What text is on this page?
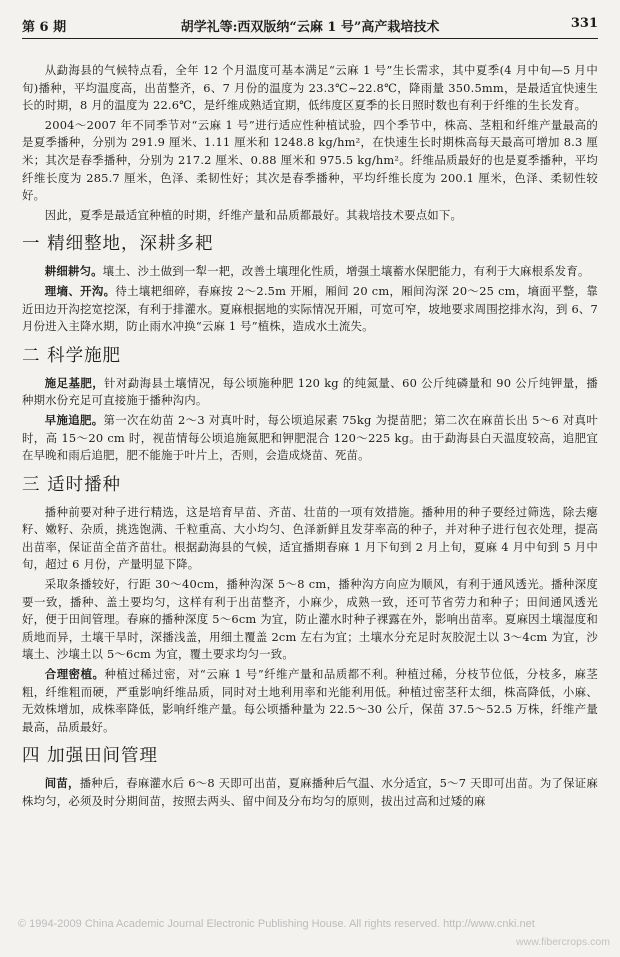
第 6 期	胡学礼等:西双版纳“云麻 1 号”高产栽培技术	331

从勐海县的气候特点看，全年 12 个月温度可基本满足“云麻 1 号”生长需求，其中夏季(4 月中旬—5 月中旬)播种，平均温度高，出苗整齐，6、7 月份的温度为 23.3℃~22.8℃，降雨量 350.5mm，是最适宜快速生长的时期，8 月的温度为 22.6℃，是纤维成熟适宜期，低纬度区夏季的长日照时数也有利于纤维的生长发育。

2004～2007 年不同季节对“云麻 1 号”进行适应性种植试验，四个季节中，株高、茎粗和纤维产量最高的是夏季播种，分别为 291.9 厘米、1.11 厘米和 1248.8 kg/hm²，在快速生长时期株高每天最高可增加 8.3 厘米；其次是春季播种，分别为 217.2 厘米、0.88 厘米和 975.5 kg/hm²。纤维品质最好的也是夏季播种，平均纤维长度为 285.7 厘米，色泽、柔韧性好；其次是春季播种，平均纤维长度为 200.1 厘米，色泽、柔韧性较好。

因此，夏季是最适宜种植的时期，纤维产量和品质都最好。其栽培技术要点如下。

一 精细整地，深耕多耙

耕细耕匀。壤土、沙土做到一犁一耙，改善土壤理化性质，增强土壤蓄水保肥能力，有利于大麻根系发育。

理墒、开沟。待土壤耙细碎，春麻按 2～2.5m 开厢，厢间 20 cm，厢间沟深 20～25 cm，墒面平整，靠近田边开沟挖宽挖深，有利于排灌水。夏麻根据地的实际情况开厢，可宽可窄，坡地要求周围挖排水沟，到 6、7 月份进入主降水期，防止雨水冲换“云麻 1 号”植株，造成水土流失。

二 科学施肥

施足基肥，针对勐海县土壤情况，每公顷施种肥 120 kg 的纯氮量、60 公斤纯磷量和 90 公斤纯钾量，播种期水份充足可直接施于播种沟内。

早施追肥。第一次在幼苗 2～3 对真叶时，每公顷追尿素 75kg 为提苗肥；第二次在麻苗长出 5～6 对真叶时，高 15～20 cm 时，视苗情每公顷追施氮肥和钾肥混合 120～225 kg。由于勐海县白天温度较高，追肥宜在早晚和雨后追肥，肥不能施于叶片上，否则，会造成烧苗、死苗。

三 适时播种

播种前要对种子进行精选，这是培育早苗、齐苗、壮苗的一项有效措施。播种用的种子要经过筛选，除去瘪籽、嫩籽、杂质，挑选饱满、千粒重高、大小均匀、色泽新鲜且发芽率高的种子，并对种子进行包衣处理，提高出苗率，保证苗全苗齐苗壮。根据勐海县的气候，适宜播期春麻 1 月下旬到 2 月上旬，夏麻 4 月中旬到 5 月中旬，超过 6 月份，产量明显下降。

采取条播较好，行距 30～40cm，播种沟深 5～8 cm，播种沟方向应为顺风，有利于通风透光。播种深度要一致，播种、盖土要均匀，这样有利于出苗整齐，小麻少，成熟一致，还可节省劳力和种子；田间通风透光好，便于田间管理。春麻的播种深度 5～6cm 为宜，防止灌水时种子裸露在外，影响出苗率。夏麻因土壤湿度和质地而异，土壤干旱时，深播浅盖，用细土覆盖 2cm 左右为宜；土壤水分充足时灰胶泥土以 3～4cm 为宜，沙壤土、沙壤土以 5～6cm 为宜，覆土要求均匀一致。

合理密植。种植过稀过密，对“云麻 1 号”纤维产量和品质都不利。种植过稀，分枝节位低，分枝多，麻茎粗，纤维粗而硬，严重影响纤维品质，同时对土地利用率和光能利用低。种植过密茎秆太细，株高降低，小麻、无效株增加，成株率降低，影响纤维产量。每公顷播种量为 22.5～30 公斤，保苗 37.5～52.5 万株，纤维产量最高，品质最好。

四 加强田间管理

间苗，播种后，春麻灌水后 6～8 天即可出苗，夏麻播种后气温、水分适宜，5～7 天即可出苗。为了保证麻株均匀，必须及时分期间苗，按照去两头、留中间及分布均匀的原则，拔出过高和过矮的麻

© 1994-2009 China Academic Journal Electronic Publishing House. All rights reserved. http://www.cnki.net
www.fibercrops.com
